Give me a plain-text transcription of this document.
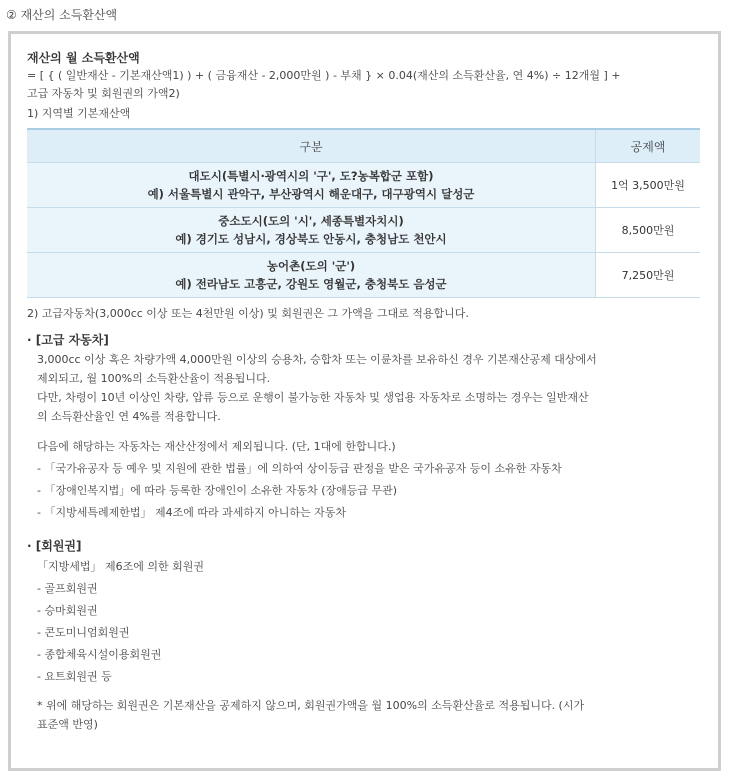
② 재산의 소득환산액
재산의 월 소득환산액
= [ { ( 일반재산 - 기본재산액1) ) + ( 금융재산 - 2,000만원 ) - 부채 } × 0.04(재산의 소득환산율, 연 4%) ÷ 12개월 ] +
고급 자동차 및 회원권의 가액2)
1) 지역별 기본재산액
구분	공제액

대도시(특별시·광역시의 '구', 도?농복합군 포함)
예) 서울특별시 관악구, 부산광역시 해운대구, 대구광역시 달성군	1억 3,500만원

중소도시(도의 '시', 세종특별자치시)
예) 경기도 성남시, 경상북도 안동시, 충청남도 천안시	8,500만원

농어촌(도의 '군')
예) 전라남도 고흥군, 강원도 영월군, 충청북도 음성군	7,250만원
2) 고급자동차(3,000cc 이상 또는 4천만원 이상) 및 회원권은 그 가액을 그대로 적용합니다.
· [고급 자동차]
3,000cc 이상 혹은 차량가액 4,000만원 이상의 승용차, 승합차 또는 이륜차를 보유하신 경우 기본재산공제 대상에서
제외되고, 월 100%의 소득환산율이 적용됩니다.
다만, 차령이 10년 이상인 차량, 압류 등으로 운행이 불가능한 자동차 및 생업용 자동차로 소명하는 경우는 일반재산
의 소득환산율인 연 4%를 적용합니다.
다음에 해당하는 자동차는 재산산정에서 제외됩니다. (단, 1대에 한합니다.)
- 「국가유공자 등 예우 및 지원에 관한 법률」에 의하여 상이등급 판정을 받은 국가유공자 등이 소유한 자동차
- 「장애인복지법」에 따라 등록한 장애인이 소유한 자동차 (장애등급 무관)
- 「지방세특례제한법」 제4조에 따라 과세하지 아니하는 자동차
· [회원권]
「지방세법」 제6조에 의한 회원권
- 골프회원권
- 승마회원권
- 콘도미니엄회원권
- 종합체육시설이용회원권
- 요트회원권 등
* 위에 해당하는 회원권은 기본재산을 공제하지 않으며, 회원권가액을 월 100%의 소득환산율로 적용됩니다. (시가
표준액 반영)
